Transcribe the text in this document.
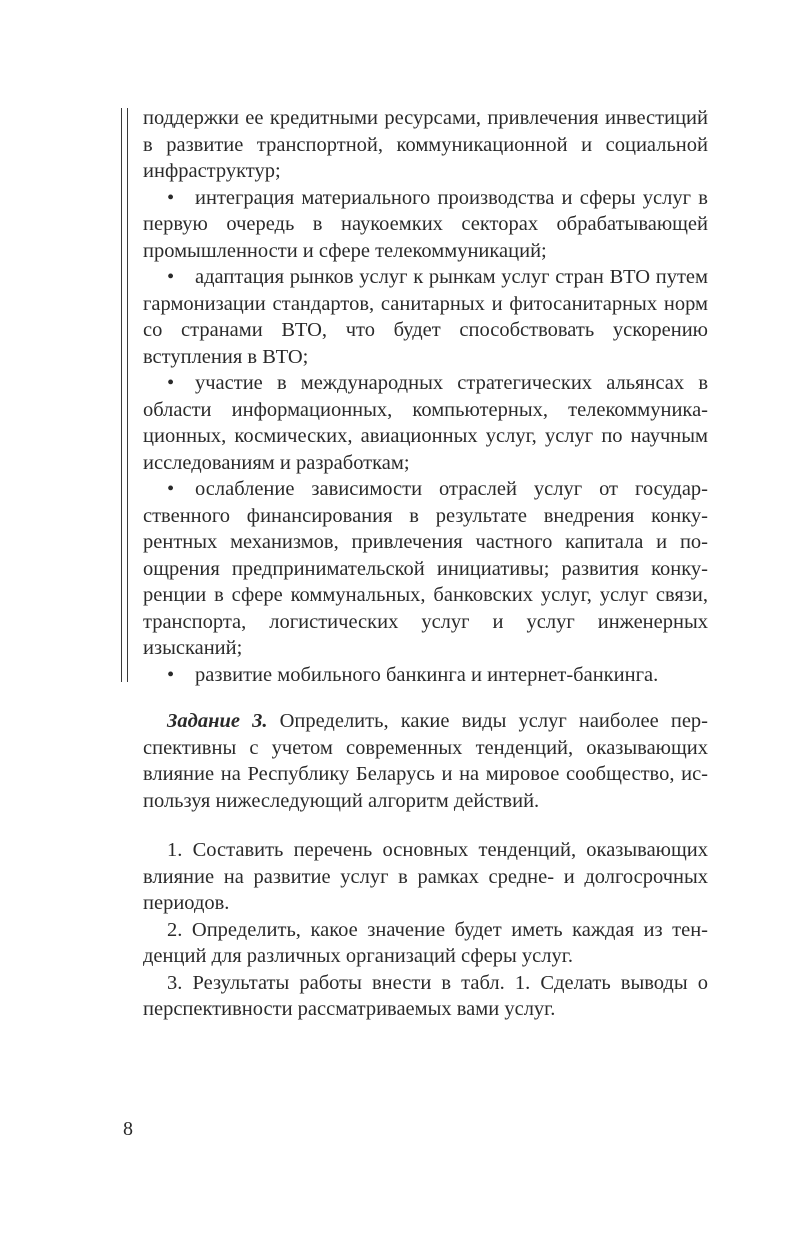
поддержки ее кредитными ресурсами, привлечения инвестиций в развитие транспортной, коммуникационной и социальной инфраструктур;

• интеграция материального производства и сферы услуг в первую очередь в наукоемких секторах обрабатывающей промышленности и сфере телекоммуникаций;

• адаптация рынков услуг к рынкам услуг стран ВТО путем гармонизации стандартов, санитарных и фитосанитарных норм со странами ВТО, что будет способствовать ускорению вступления в ВТО;

• участие в международных стратегических альянсах в области информационных, компьютерных, телекоммуникационных, космических, авиационных услуг, услуг по научным исследованиям и разработкам;

• ослабление зависимости отраслей услуг от государственного финансирования в результате внедрения конкурентных механизмов, привлечения частного капитала и поощрения предпринимательской инициативы; развития конкуренции в сфере коммунальных, банковских услуг, услуг связи, транспорта, логистических услуг и услуг инженерных изысканий;

• развитие мобильного банкинга и интернет-банкинга.

Задание 3. Определить, какие виды услуг наиболее перспективны с учетом современных тенденций, оказывающих влияние на Республику Беларусь и на мировое сообщество, используя нижеследующий алгоритм действий.

1. Составить перечень основных тенденций, оказывающих влияние на развитие услуг в рамках средне- и долгосрочных периодов.

2. Определить, какое значение будет иметь каждая из тенденций для различных организаций сферы услуг.

3. Результаты работы внести в табл. 1. Сделать выводы о перспективности рассматриваемых вами услуг.

8
